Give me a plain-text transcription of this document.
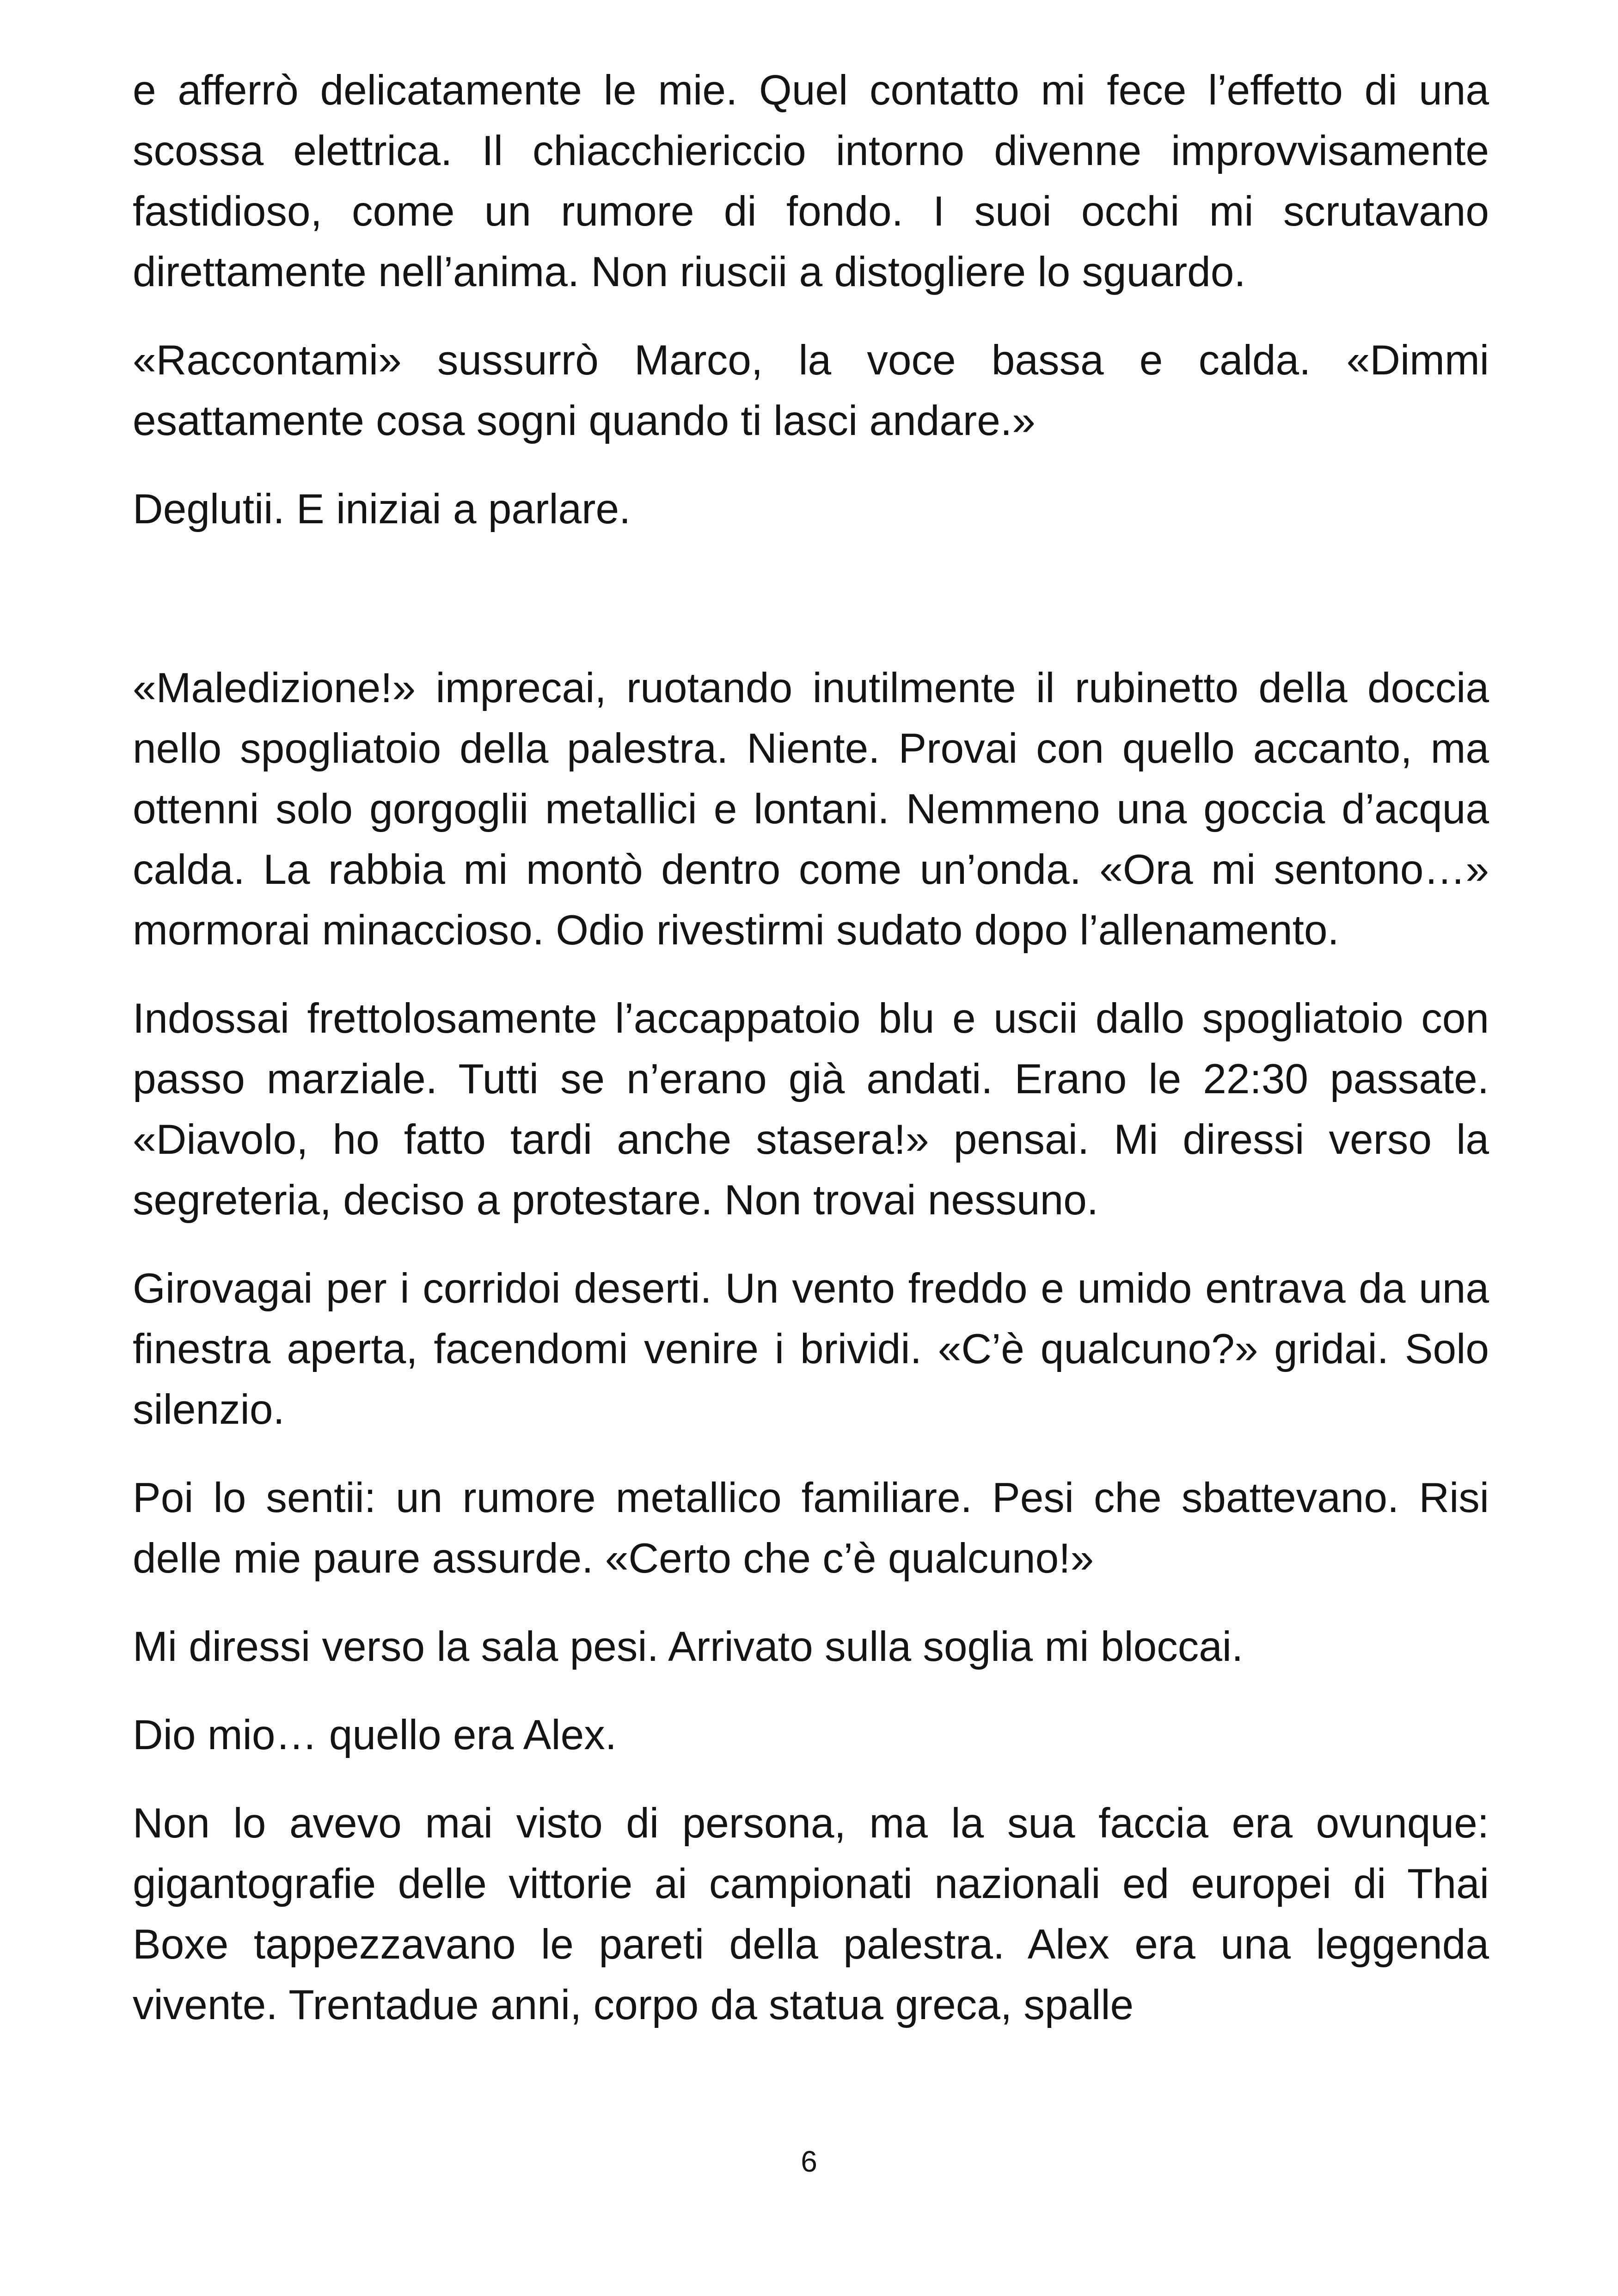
e afferrò delicatamente le mie. Quel contatto mi fece l’effetto di una scossa elettrica. Il chiacchiericcio intorno divenne improvvisamente fastidioso, come un rumore di fondo. I suoi occhi mi scrutavano direttamente nell’anima. Non riuscii a distogliere lo sguardo.

«Raccontami» sussurrò Marco, la voce bassa e calda. «Dimmi esattamente cosa sogni quando ti lasci andare.»

Deglutii. E iniziai a parlare.

«Maledizione!» imprecai, ruotando inutilmente il rubinetto della doccia nello spogliatoio della palestra. Niente. Provai con quello accanto, ma ottenni solo gorgoglii metallici e lontani. Nemmeno una goccia d’acqua calda. La rabbia mi montò dentro come un’onda. «Ora mi sentono…» mormorai minaccioso. Odio rivestirmi sudato dopo l’allenamento.

Indossai frettolosamente l’accappatoio blu e uscii dallo spogliatoio con passo marziale. Tutti se n’erano già andati. Erano le 22:30 passate. «Diavolo, ho fatto tardi anche stasera!» pensai. Mi diressi verso la segreteria, deciso a protestare. Non trovai nessuno.

Girovagai per i corridoi deserti. Un vento freddo e umido entrava da una finestra aperta, facendomi venire i brividi. «C’è qualcuno?» gridai. Solo silenzio.

Poi lo sentii: un rumore metallico familiare. Pesi che sbattevano. Risi delle mie paure assurde. «Certo che c’è qualcuno!»

Mi diressi verso la sala pesi. Arrivato sulla soglia mi bloccai.

Dio mio… quello era Alex.

Non lo avevo mai visto di persona, ma la sua faccia era ovunque: gigantografie delle vittorie ai campionati nazionali ed europei di Thai Boxe tappezzavano le pareti della palestra. Alex era una leggenda vivente. Trentadue anni, corpo da statua greca, spalle

6
